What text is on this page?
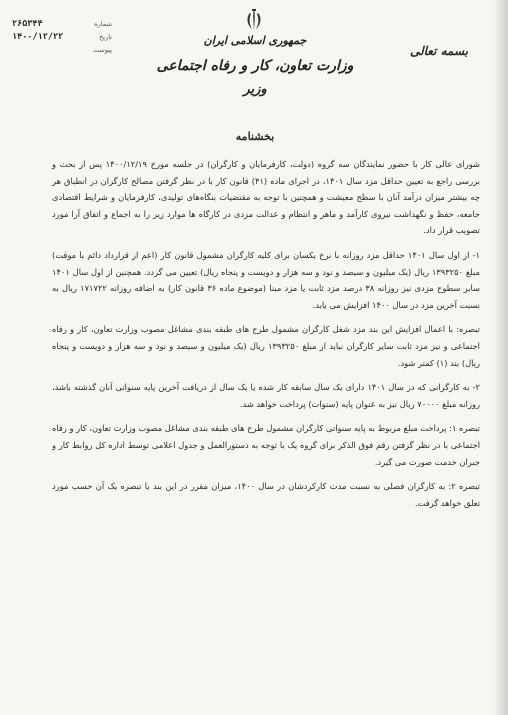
شماره
۲۶۵۳۴۴
تاریخ
۱۴۰۰/۱۲/۲۲
پیوست
جمهوری اسلامی ایران
وزارت تعاون، کار و رفاه اجتماعی
وزیر
بسمه تعالی
بخشنامه

شورای عالی کار با حضور نمایندگان سه گروه (دولت، کارفرمایان و کارگران) در جلسه مورخ ۱۴۰۰/۱۲/۱۹ پس از بحث و بررسی راجع به تعیین حداقل مزد سال ۱۴۰۱، در اجرای ماده (۴۱) قانون کار با در نظر گرفتن مصالح کارگران در انطباق هر چه بیشتر میزان درآمد آنان با سطح معیشت و همچنین با توجه به مقتضیات بنگاه‌های تولیدی، کارفرمایان و شرایط اقتصادی جامعه، حفظ و نگهداشت نیروی کارآمد و ماهر و انتظام و عدالت مزدی در کارگاه ها موارد زیر را به اجماع و اتفاق آرا مورد تصویب قرار داد.

۱- از اول سال ۱۴۰۱ حداقل مزد روزانه با نرخ یکسان برای کلیه کارگران مشمول قانون کار (اعم از قرارداد دائم یا موقت) مبلغ ۱۳۹۳۲۵۰ ریال (یک میلیون و سیصد و نود و سه هزار و دویست و پنجاه ریال) تعیین می گردد. همچنین از اول سال ۱۴۰۱ سایر سطوح مزدی نیز روزانه ۳۸ درصد مزد ثابت یا مزد مبنا (موضوع ماده ۳۶ قانون کار) به اضافه روزانه ۱۷۱۷۲۲ ریال به نسبت آخرین مزد در سال ۱۴۰۰ افزایش می یابد.

تبصره: با اعمال افزایش این بند مزد شغل کارگران مشمول طرح های طبقه بندی مشاغل مصوب وزارت تعاون، کار و رفاه اجتماعی و نیز مزد ثابت سایر کارگران نباید از مبلغ ۱۳۹۳۲۵۰ ریال (یک میلیون و سیصد و نود و سه هزار و دویست و پنجاه ریال) بند (۱) کمتر شود.

۲- به کارگرانی که در سال ۱۴۰۱ دارای یک سال سابقه کار شده یا یک سال از دریافت آخرین پایه سنواتی آنان گذشته باشد، روزانه مبلغ ۷۰۰۰۰ ریال نیز به عنوان پایه (سنوات) پرداخت خواهد شد.

تبصره ۱: پرداخت مبلغ مربوط به پایه سنواتی کارگران مشمول طرح های طبقه بندی مشاغل مصوب وزارت تعاون، کار و رفاه اجتماعی با در نظر گرفتن رقم فوق الذکر برای گروه یک با توجه به دستورالعمل و جدول اعلامی توسط اداره کل روابط کار و جبران خدمت صورت می گیرد.

تبصره ۲: به کارگران فصلی به نسبت مدت کارکردشان در سال ۱۴۰۰، میزان مقرر در این بند با تبصره یک آن حسب مورد تعلق خواهد گرفت.
